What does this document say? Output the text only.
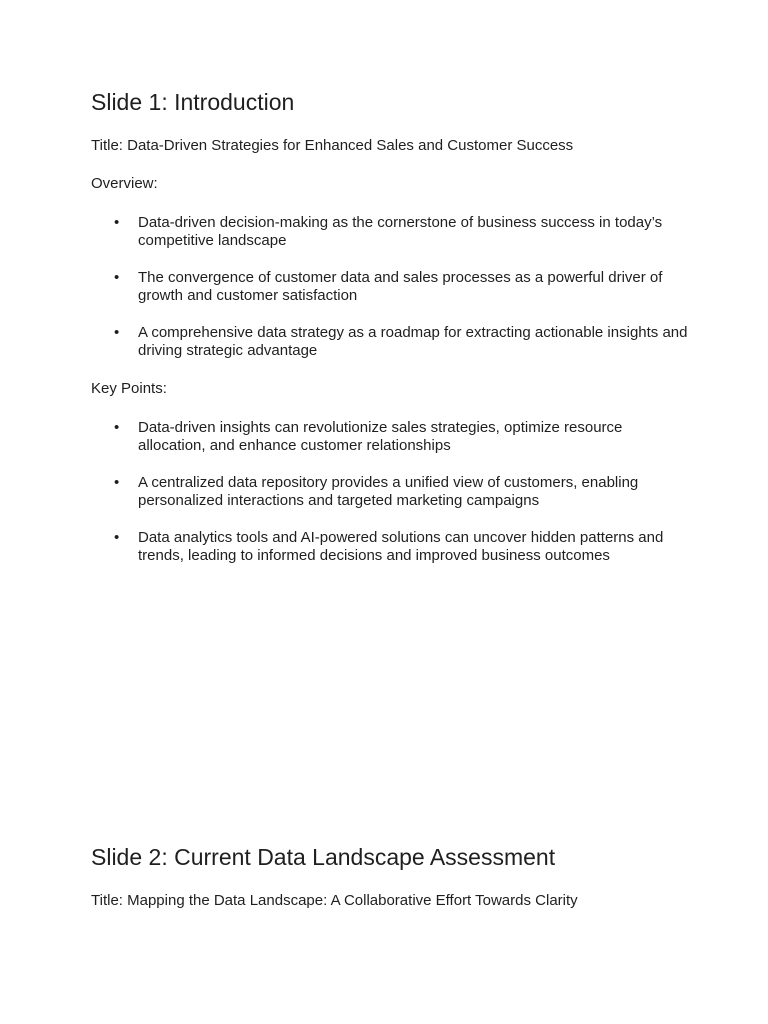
Slide 1: Introduction

Title: Data-Driven Strategies for Enhanced Sales and Customer Success

Overview:

• Data-driven decision-making as the cornerstone of business success in today’s competitive landscape
• The convergence of customer data and sales processes as a powerful driver of growth and customer satisfaction
• A comprehensive data strategy as a roadmap for extracting actionable insights and driving strategic advantage

Key Points:

• Data-driven insights can revolutionize sales strategies, optimize resource allocation, and enhance customer relationships
• A centralized data repository provides a unified view of customers, enabling personalized interactions and targeted marketing campaigns
• Data analytics tools and AI-powered solutions can uncover hidden patterns and trends, leading to informed decisions and improved business outcomes
Slide 2: Current Data Landscape Assessment

Title: Mapping the Data Landscape: A Collaborative Effort Towards Clarity
